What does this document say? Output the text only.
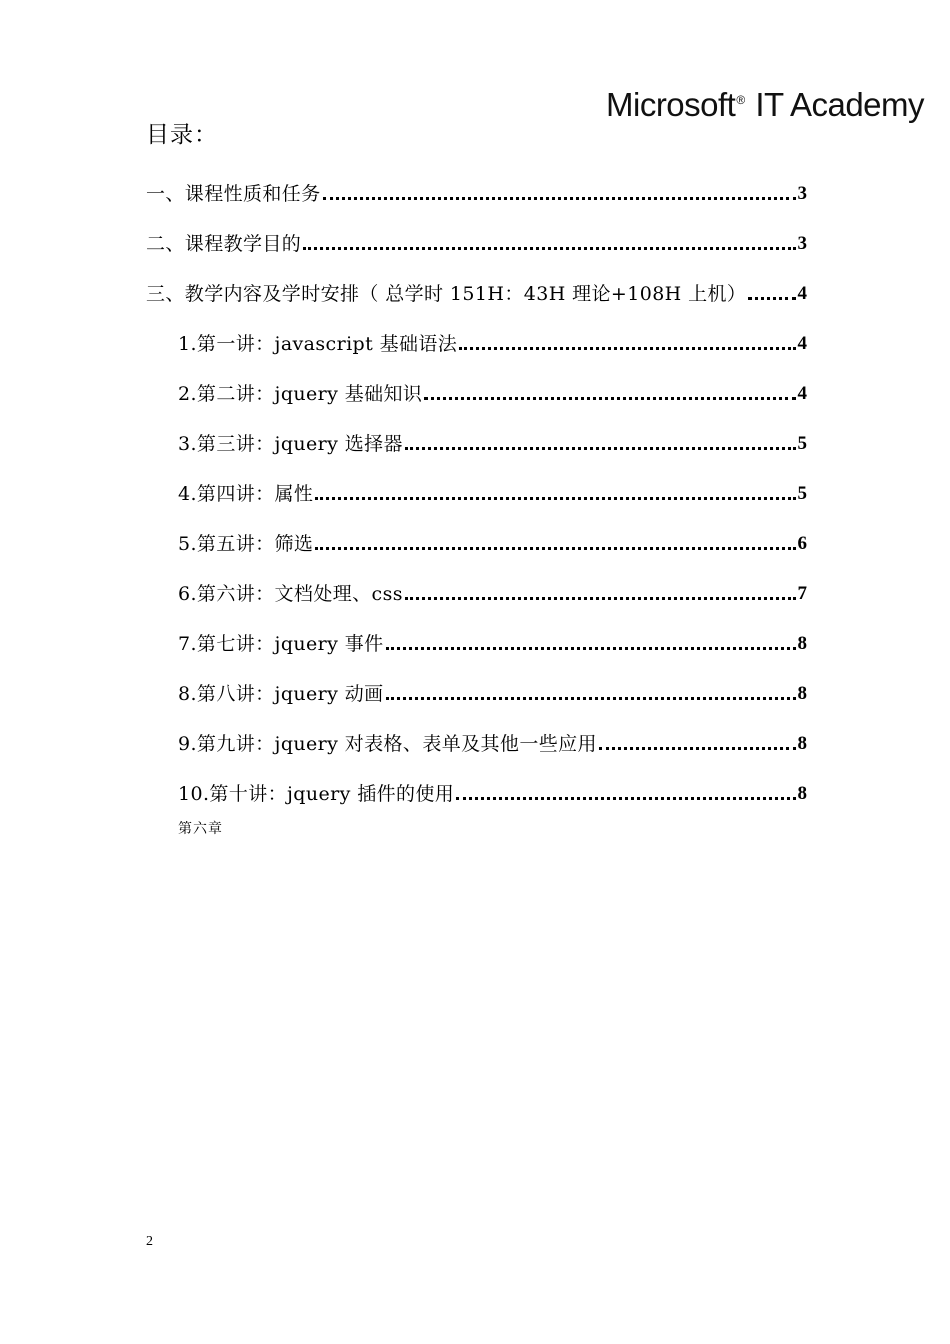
Microsoft® IT Academy
目录：
一、课程性质和任务	3
二、课程教学目的	3
三、教学内容及学时安排（ 总学时 151H：43H 理论+108H 上机）	4
1.第一讲：javascript 基础语法	4
2.第二讲：jquery 基础知识	4
3.第三讲：jquery 选择器	5
4.第四讲：属性	5
5.第五讲：筛选	6
6.第六讲：文档处理、css	7
7.第七讲：jquery 事件	8
8.第八讲：jquery 动画	8
9.第九讲：jquery 对表格、表单及其他一些应用	8
10.第十讲：jquery 插件的使用	8
第六章
2
